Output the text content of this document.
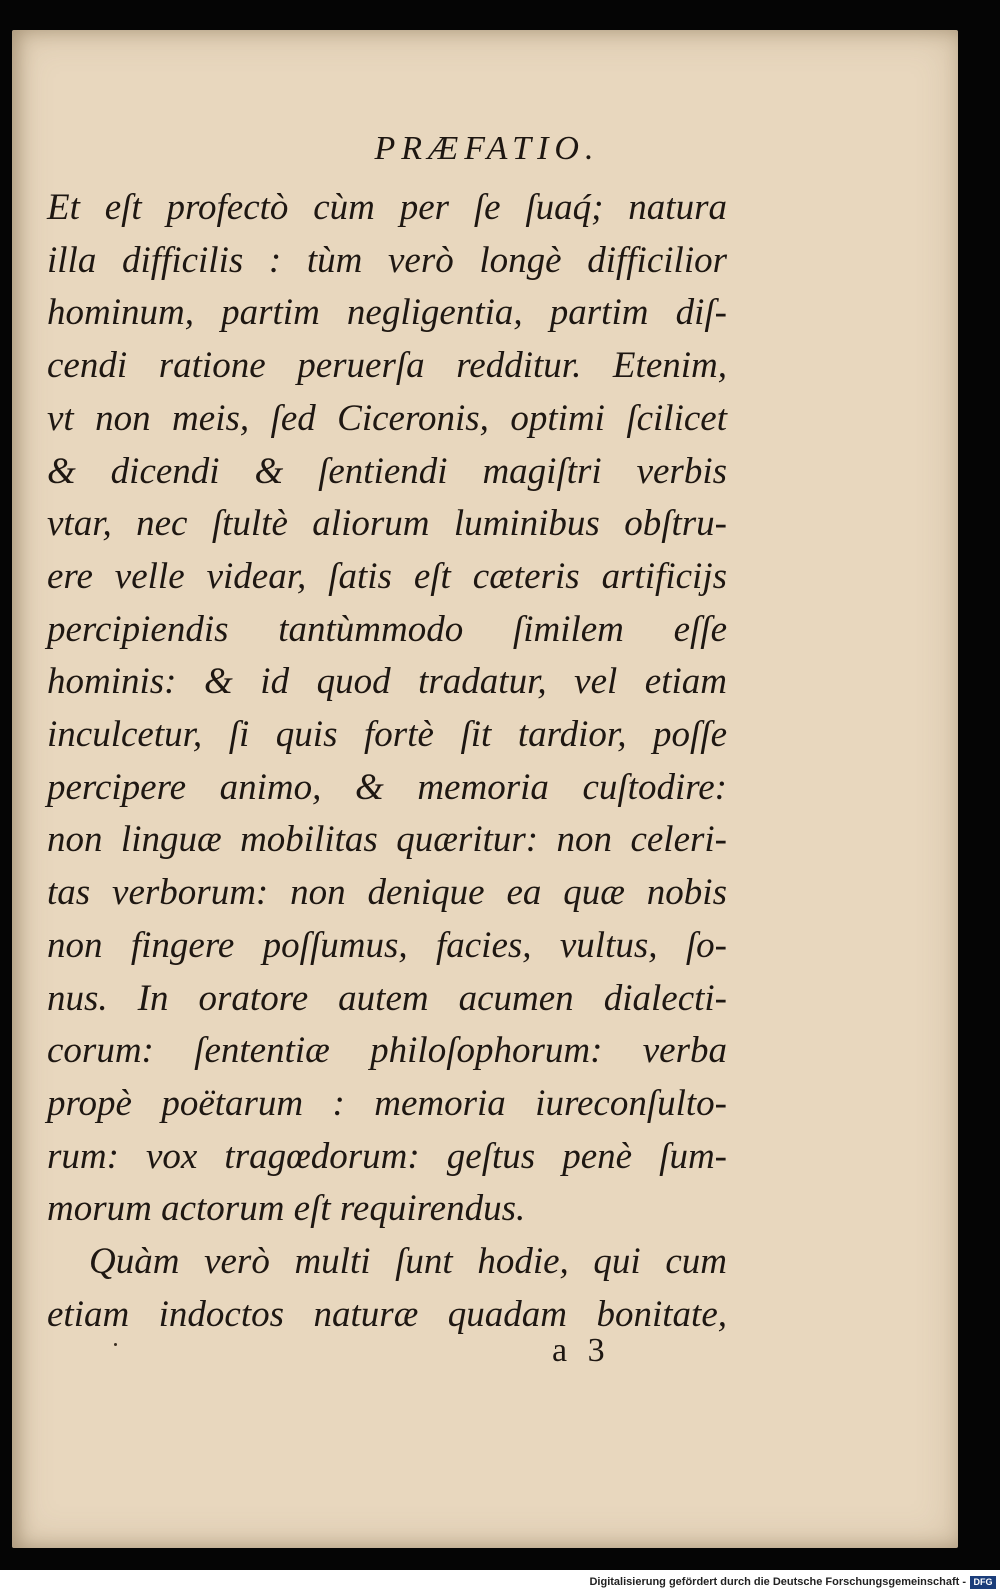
PRÆFATIO.
Et eſt profectò cùm per ſe ſuaq́; natura
illa difficilis : tùm verò longè difficilior
hominum, partim negligentia, partim diſ-
cendi ratione peruerſa redditur. Etenim,
vt non meis, ſed Ciceronis, optimi ſcilicet
& dicendi & ſentiendi magiſtri verbis
vtar, nec ſtultè aliorum luminibus obſtru-
ere velle videar, ſatis eſt cæteris artificijs
percipiendis tantùmmodo ſimilem eſſe
hominis: & id quod tradatur, vel etiam
inculcetur, ſi quis fortè ſit tardior, poſſe
percipere animo, & memoria cuſtodire:
non linguæ mobilitas quæritur: non celeri-
tas verborum: non denique ea quæ nobis
non fingere poſſumus, facies, vultus, ſo-
nus. In oratore autem acumen dialecti-
corum: ſententiæ philoſophorum: verba
propè poëtarum : memoria iureconſulto-
rum: vox tragœdorum: geſtus penè ſum-
morum actorum eſt requirendus.
Quàm verò multi ſunt hodie, qui cum
etiam indoctos naturæ quadam bonitate,
a 3
Digitalisierung gefördert durch die Deutsche Forschungsgemeinschaft - DFG
